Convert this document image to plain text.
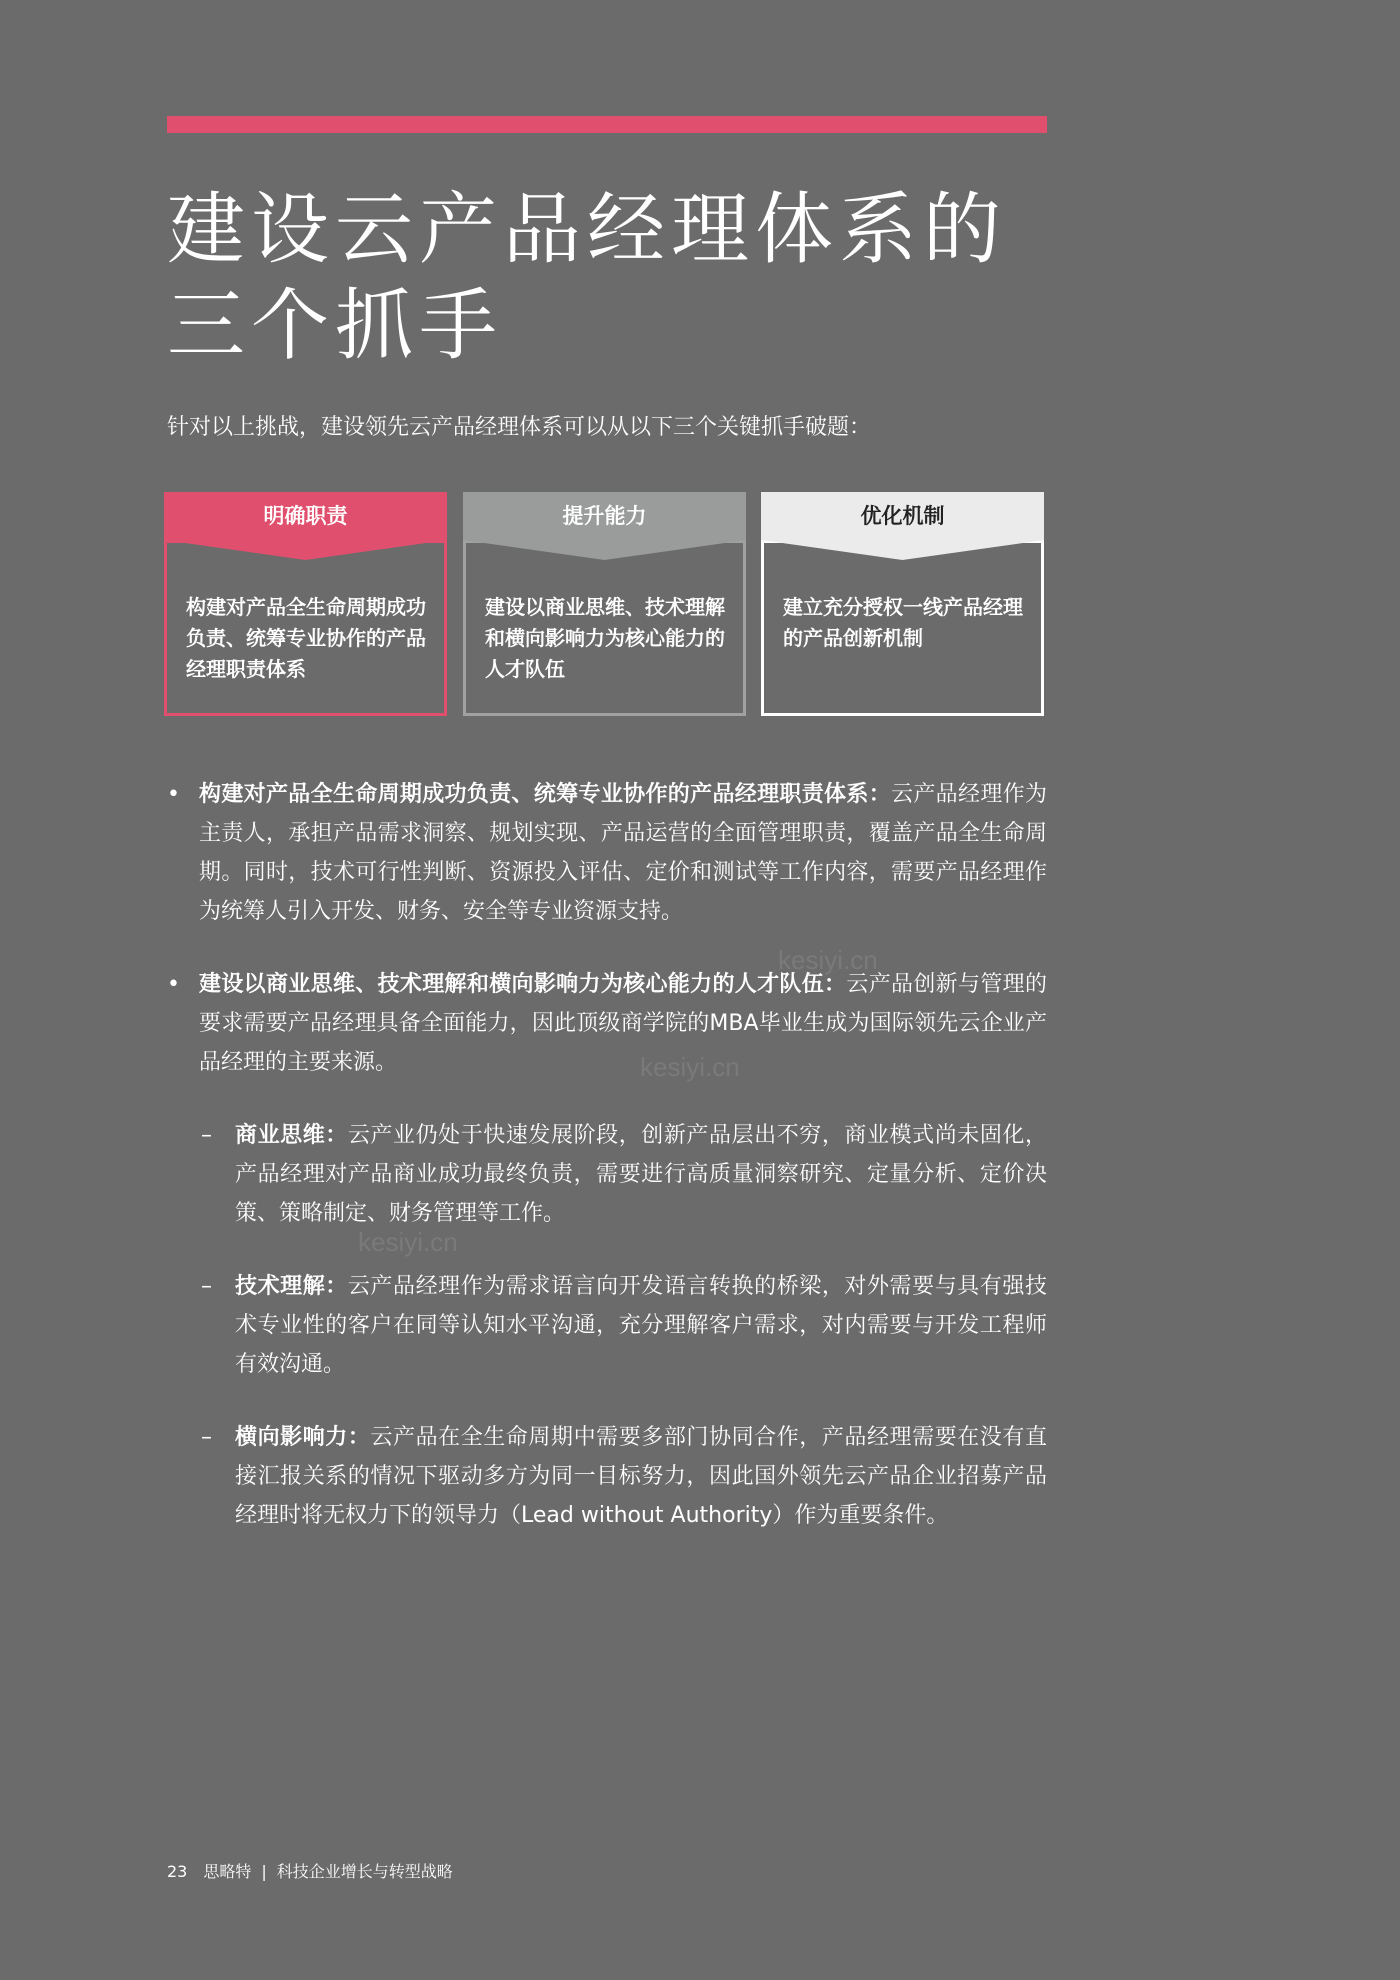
建设云产品经理体系的三个抓手

针对以上挑战，建设领先云产品经理体系可以从以下三个关键抓手破题：

明确职责

构建对产品全生命周期成功负责、统筹专业协作的产品经理职责体系

提升能力

建设以商业思维、技术理解和横向影响力为核心能力的人才队伍

优化机制

建立充分授权一线产品经理的产品创新机制

• 构建对产品全生命周期成功负责、统筹专业协作的产品经理职责体系：云产品经理作为主责人，承担产品需求洞察、规划实现、产品运营的全面管理职责，覆盖产品全生命周期。同时，技术可行性判断、资源投入评估、定价和测试等工作内容，需要产品经理作为统筹人引入开发、财务、安全等专业资源支持。

• 建设以商业思维、技术理解和横向影响力为核心能力的人才队伍：云产品创新与管理的要求需要产品经理具备全面能力，因此顶级商学院的MBA毕业生成为国际领先云企业产品经理的主要来源。

–	商业思维：云产业仍处于快速发展阶段，创新产品层出不穷，商业模式尚未固化，产品经理对产品商业成功最终负责，需要进行高质量洞察研究、定量分析、定价决策、策略制定、财务管理等工作。

–	技术理解：云产品经理作为需求语言向开发语言转换的桥梁，对外需要与具有强技术专业性的客户在同等认知水平沟通，充分理解客户需求，对内需要与开发工程师有效沟通。

–	横向影响力：云产品在全生命周期中需要多部门协同合作，产品经理需要在没有直接汇报关系的情况下驱动多方为同一目标努力，因此国外领先云产品企业招募产品经理时将无权力下的领导力（Lead without Authority）作为重要条件。

kesiyi.cn
kesiyi.cn
kesiyi.cn
23 思略特 | 科技企业增长与转型战略
